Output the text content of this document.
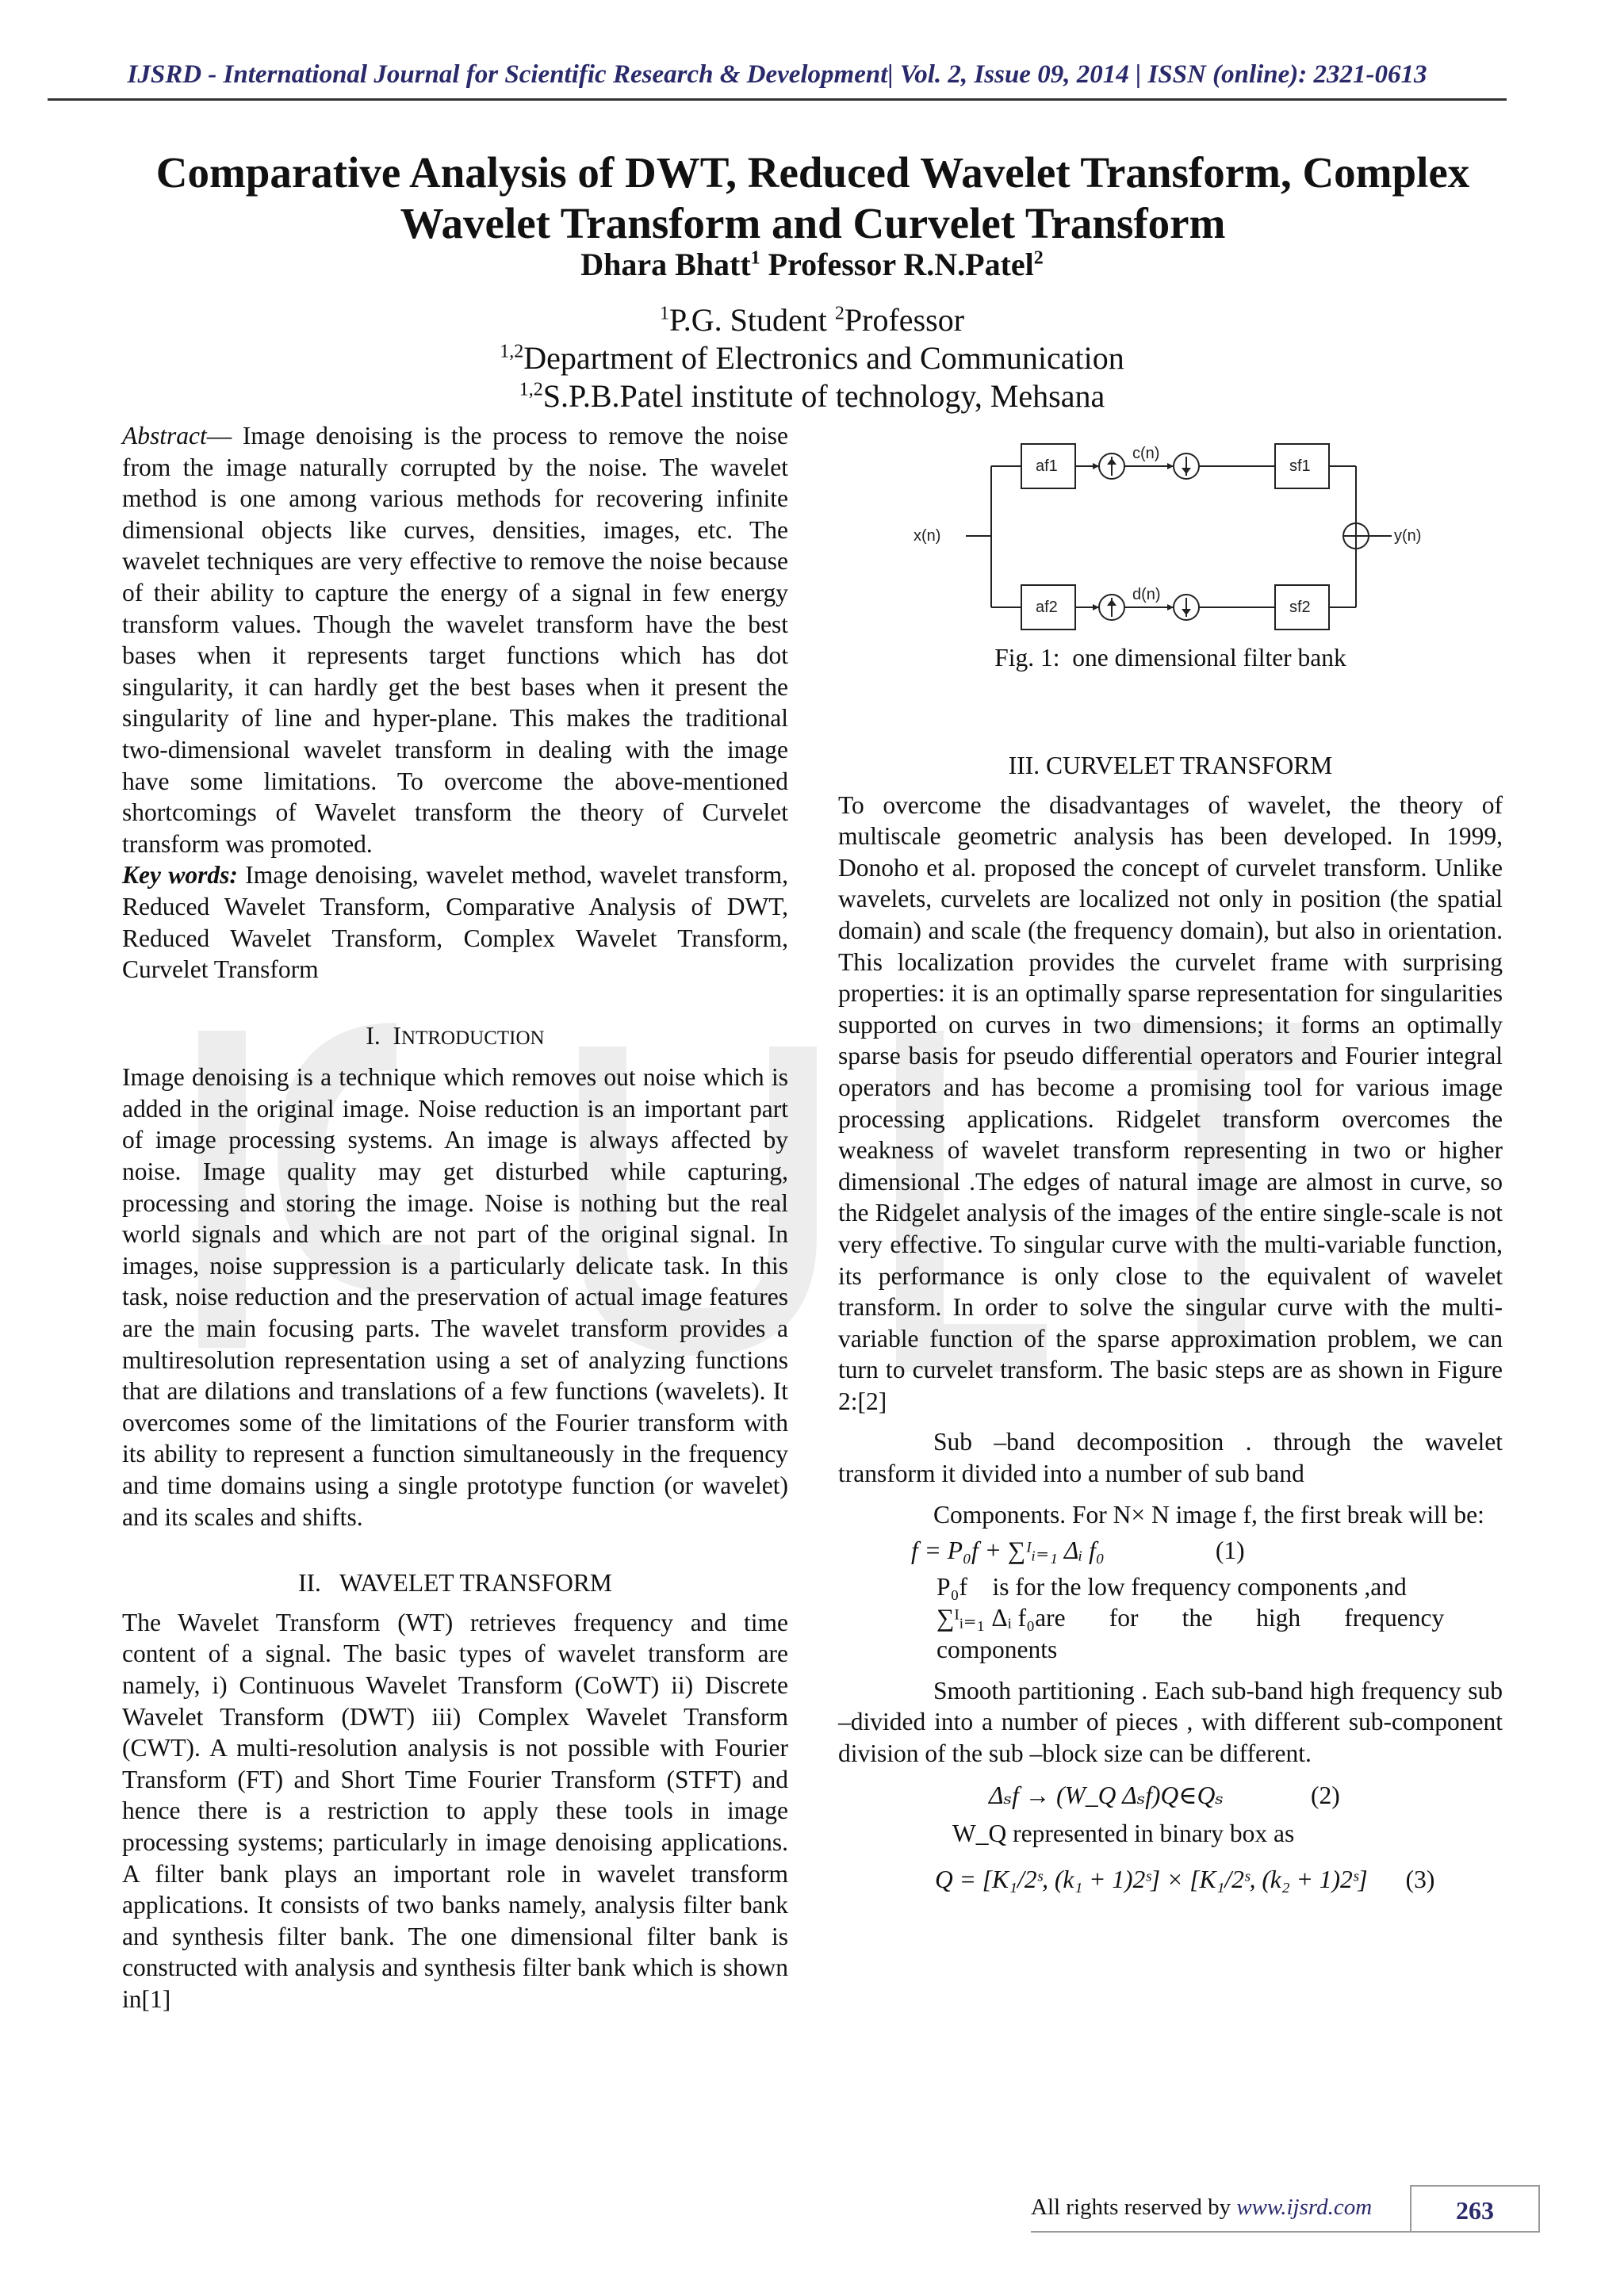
IJSRD - International Journal for Scientific Research & Development| Vol. 2, Issue 09, 2014 | ISSN (online): 2321-0613
Comparative Analysis of DWT, Reduced Wavelet Transform, Complex
Wavelet Transform and Curvelet Transform
Dhara Bhatt$^1$ Professor R.N.Patel$^2$
$^1$P.G. Student $^2$Professor
$^{1,2}$Department of Electronics and Communication
$^{1,2}$S.P.B.Patel institute of technology, Mehsana

Abstract— Image denoising is the process to remove the noise from the image naturally corrupted by the noise. The wavelet method is one among various methods for recovering infinite dimensional objects like curves, densities, images, etc. The wavelet techniques are very effective to remove the noise because of their ability to capture the energy of a signal in few energy transform values. Though the wavelet transform have the best bases when it represents target functions which has dot singularity, it can hardly get the best bases when it present the singularity of line and hyper-plane. This makes the traditional two-dimensional wavelet transform in dealing with the image have some limitations. To overcome the above-mentioned shortcomings of Wavelet transform the theory of Curvelet transform was promoted.

Key words: Image denoising, wavelet method, wavelet transform, Reduced Wavelet Transform, Comparative Analysis of DWT, Reduced Wavelet Transform, Complex Wavelet Transform, Curvelet Transform

I. INTRODUCTION

Image denoising is a technique which removes out noise which is added in the original image. Noise reduction is an important part of image processing systems. An image is always affected by noise. Image quality may get disturbed while capturing, processing and storing the image. Noise is nothing but the real world signals and which are not part of the original signal. In images, noise suppression is a particularly delicate task. In this task, noise reduction and the preservation of actual image features are the main focusing parts. The wavelet transform provides a multiresolution representation using a set of analyzing functions that are dilations and translations of a few functions (wavelets). It overcomes some of the limitations of the Fourier transform with its ability to represent a function simultaneously in the frequency and time domains using a single prototype function (or wavelet) and its scales and shifts.

II.   WAVELET TRANSFORM

The Wavelet Transform (WT) retrieves frequency and time content of a signal. The basic types of wavelet transform are namely, i) Continuous Wavelet Transform (CoWT) ii) Discrete Wavelet Transform (DWT) iii) Complex Wavelet Transform (CWT). A multi-resolution analysis is not possible with Fourier Transform (FT) and Short Time Fourier Transform (STFT) and hence there is a restriction to apply these tools in image processing systems; particularly in image denoising applications. A filter bank plays an important role in wavelet transform applications. It consists of two banks namely, analysis filter bank and synthesis filter bank. The one dimensional filter bank is constructed with analysis and synthesis filter bank which is shown in[1]

x(n)	y(n)
af1
af2
sf1
sf2
c(n)
d(n)
Fig. 1:  one dimensional filter bank

III. CURVELET TRANSFORM

To overcome the disadvantages of wavelet, the theory of multiscale geometric analysis has been developed. In 1999, Donoho et al. proposed the concept of curvelet transform. Unlike wavelets, curvelets are localized not only in position (the spatial domain) and scale (the frequency domain), but also in orientation. This localization provides the curvelet frame with surprising properties: it is an optimally sparse representation for singularities supported on curves in two dimensions; it forms an optimally sparse basis for pseudo differential operators and Fourier integral operators and has become a promising tool for various image processing applications. Ridgelet transform overcomes the weakness of wavelet transform representing in two or higher dimensional .The edges of natural image are almost in curve, so the Ridgelet analysis of the images of the entire single-scale is not very effective. To singular curve with the multi-variable function, its performance is only close to the equivalent of wavelet transform. In order to solve the singular curve with the multi-variable function of the sparse approximation problem, we can turn to curvelet transform. The basic steps are as shown in Figure 2:[2]

Sub –band decomposition . through the wavelet transform it divided into a number of sub band

Components. For N× N image f, the first break will be:

f = P₀f + ∑ᴵᵢ₌₁ Δᵢ f₀	(1)

P₀f    is for the low frequency components ,and

∑ᴵᵢ₌₁ Δᵢ f₀are       for       the       high       frequency

components

Smooth partitioning . Each sub-band high frequency sub –divided into a number of pieces , with different sub-component division of the sub –block size can be different.

Δₛf → (W_Q Δₛf)Q∈Qₛ	(2)

W_Q represented in binary box as

Q = [K₁/2ˢ, (k₁ + 1)2ˢ] × [K₁/2ˢ, (k₂ + 1)2ˢ] (3)

All rights reserved by www.ijsrd.com	263
